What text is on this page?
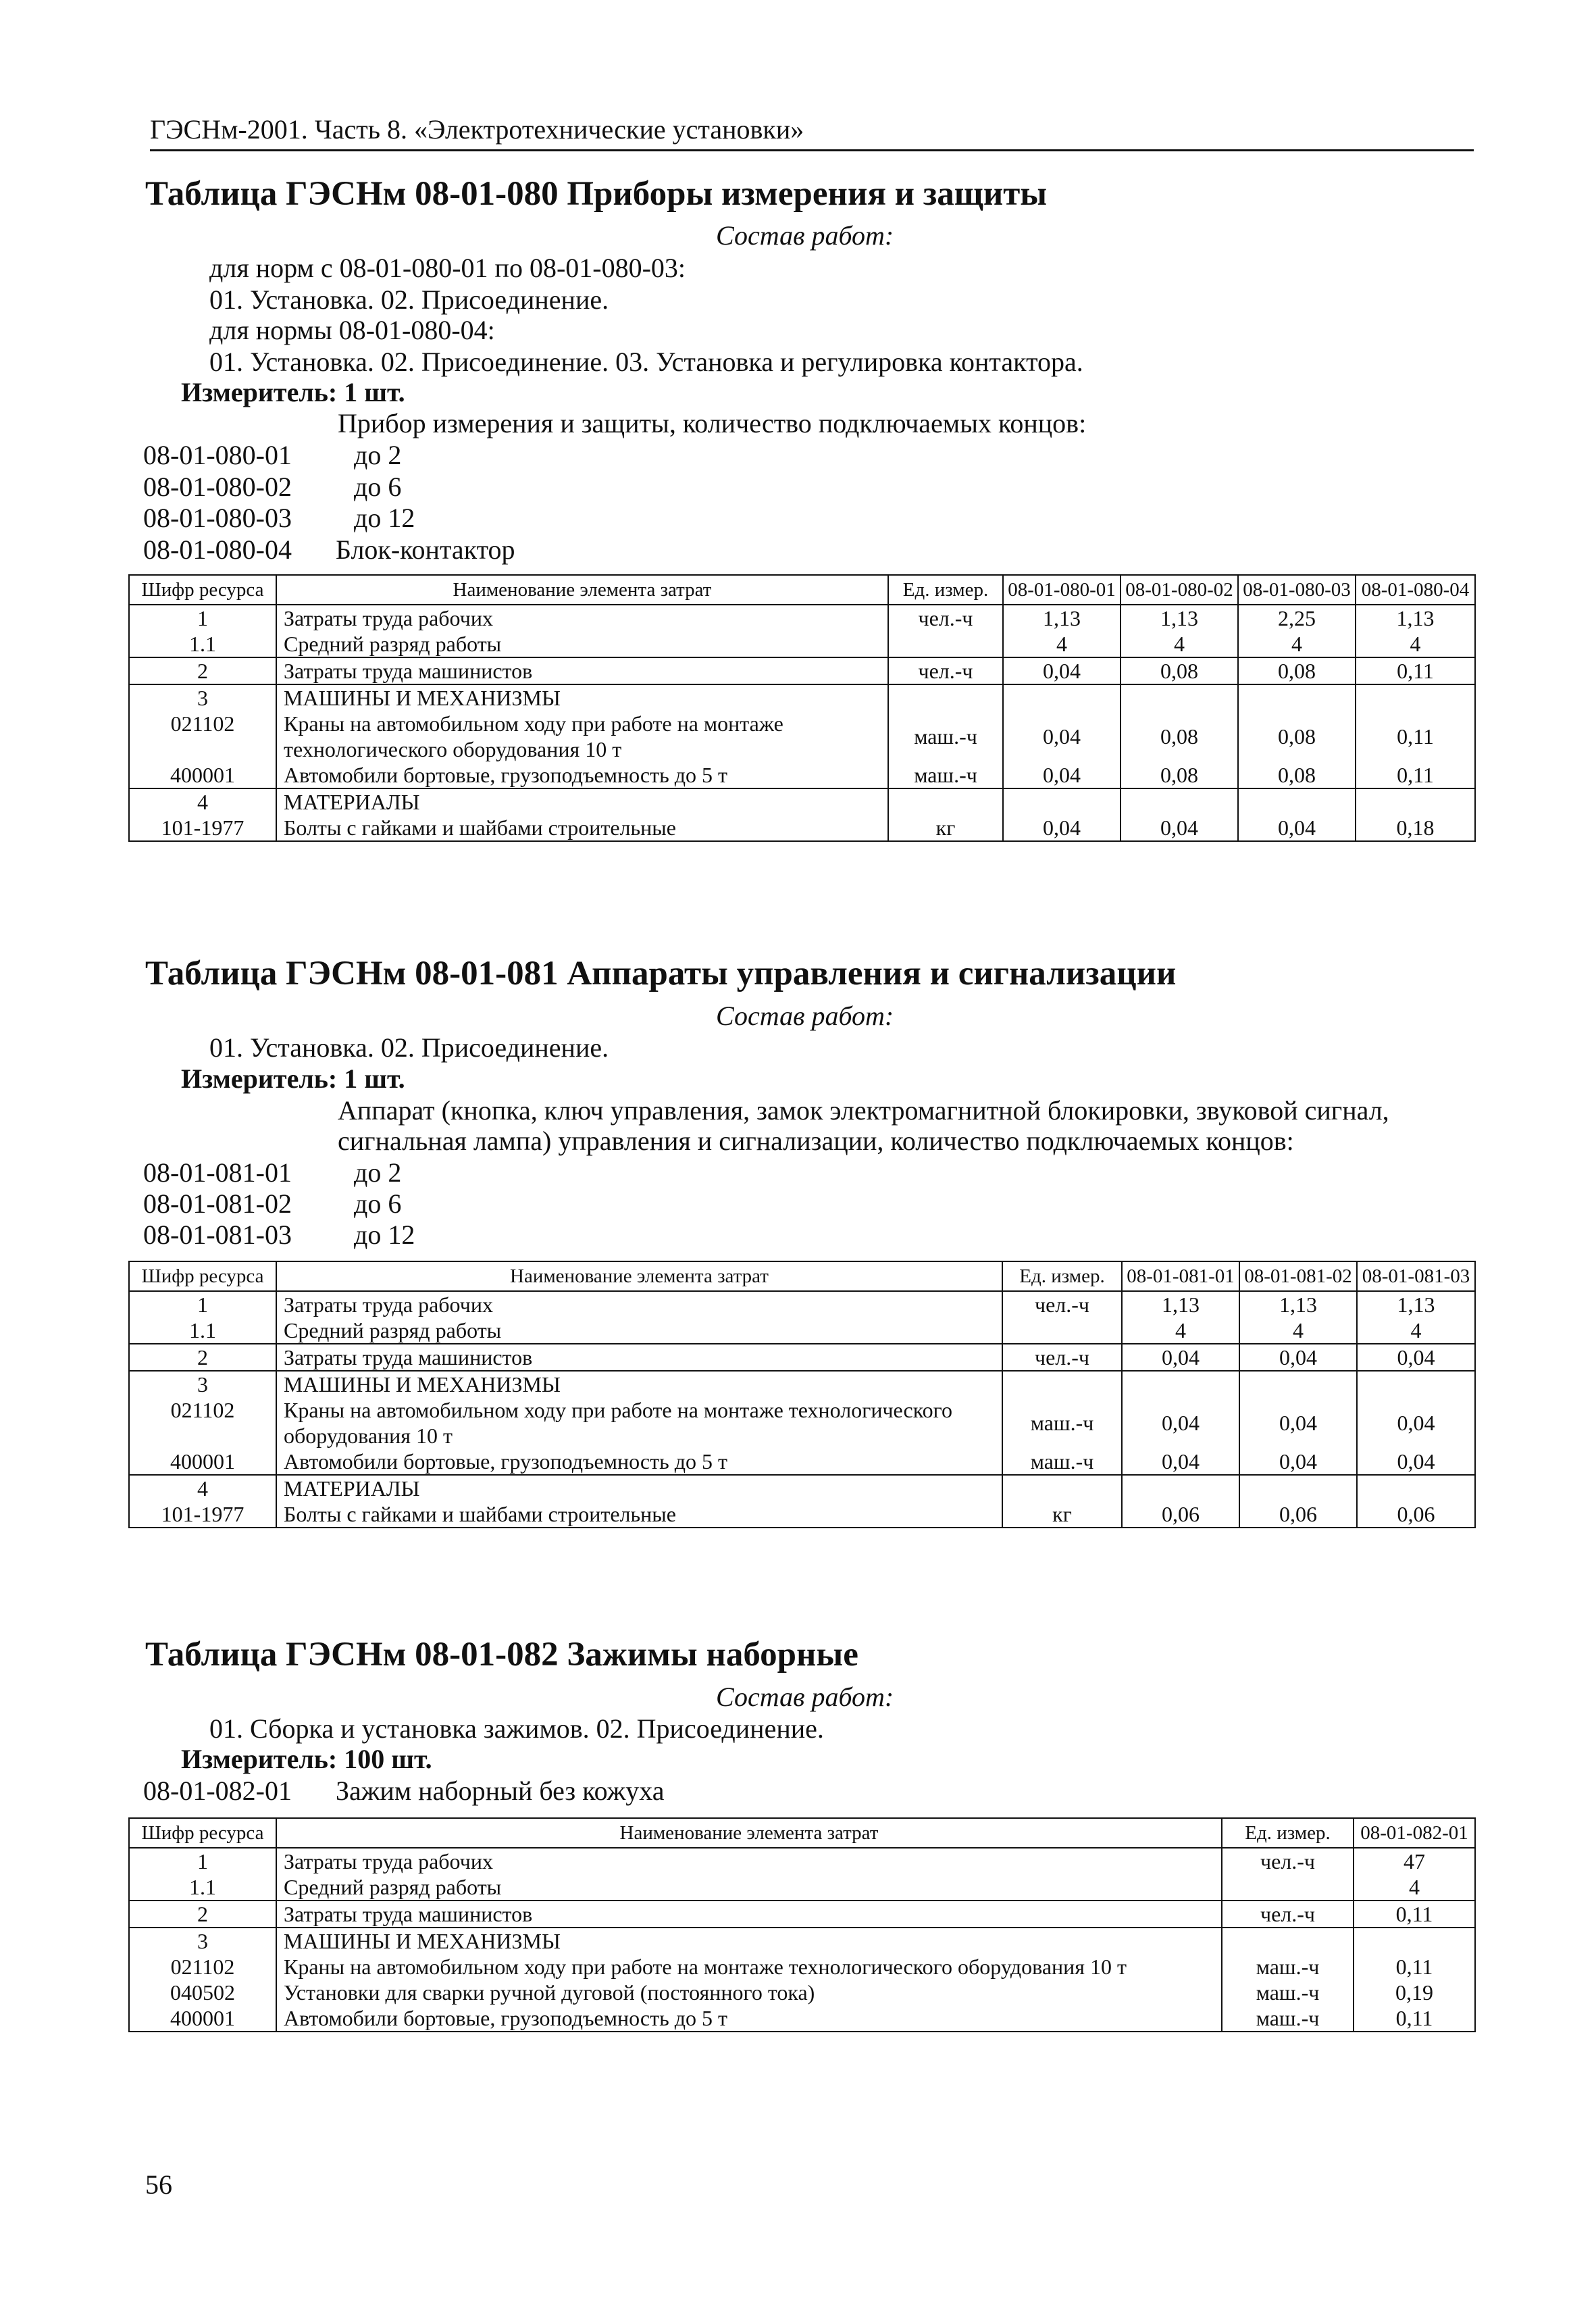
ГЭСНм-2001. Часть 8. «Электротехнические установки»
Таблица ГЭСНм 08-01-080 Приборы измерения и защиты
Состав работ:
для норм с 08-01-080-01 по 08-01-080-03:
01. Установка. 02. Присоединение.
для нормы 08-01-080-04:
01. Установка. 02. Присоединение. 03. Установка и регулировка контактора.
Измеритель: 1 шт.
Прибор измерения и защиты, количество подключаемых концов:
08-01-080-01 до 2
08-01-080-02 до 6
08-01-080-03 до 12
08-01-080-04 Блок-контактор
Шифр ресурса	Наименование элемента затрат	Ед. измер.	08-01-080-01	08-01-080-02	08-01-080-03	08-01-080-04
1	Затраты труда рабочих	чел.-ч	1,13	1,13	2,25	1,13
1.1	Средний разряд работы		4	4	4	4
2	Затраты труда машинистов	чел.-ч	0,04	0,08	0,08	0,11
3	МАШИНЫ И МЕХАНИЗМЫ					
021102	Краны на автомобильном ходу при работе на монтаже технологического оборудования 10 т	маш.-ч	0,04	0,08	0,08	0,11
400001	Автомобили бортовые, грузоподъемность до 5 т	маш.-ч	0,04	0,08	0,08	0,11
4	МАТЕРИАЛЫ					
101-1977	Болты с гайками и шайбами строительные	кг	0,04	0,04	0,04	0,18
Таблица ГЭСНм 08-01-081 Аппараты управления и сигнализации
Состав работ:
01. Установка. 02. Присоединение.
Измеритель: 1 шт.
Аппарат (кнопка, ключ управления, замок электромагнитной блокировки, звуковой сигнал,
сигнальная лампа) управления и сигнализации, количество подключаемых концов:
08-01-081-01 до 2
08-01-081-02 до 6
08-01-081-03 до 12
Шифр ресурса	Наименование элемента затрат	Ед. измер.	08-01-081-01	08-01-081-02	08-01-081-03
1	Затраты труда рабочих	чел.-ч	1,13	1,13	1,13
1.1	Средний разряд работы		4	4	4
2	Затраты труда машинистов	чел.-ч	0,04	0,04	0,04
3	МАШИНЫ И МЕХАНИЗМЫ				
021102	Краны на автомобильном ходу при работе на монтаже технологического оборудования 10 т	маш.-ч	0,04	0,04	0,04
400001	Автомобили бортовые, грузоподъемность до 5 т	маш.-ч	0,04	0,04	0,04
4	МАТЕРИАЛЫ				
101-1977	Болты с гайками и шайбами строительные	кг	0,06	0,06	0,06
Таблица ГЭСНм 08-01-082 Зажимы наборные
Состав работ:
01. Сборка и установка зажимов. 02. Присоединение.
Измеритель: 100 шт.
08-01-082-01 Зажим наборный без кожуха
Шифр ресурса	Наименование элемента затрат	Ед. измер.	08-01-082-01
1	Затраты труда рабочих	чел.-ч	47
1.1	Средний разряд работы		4
2	Затраты труда машинистов	чел.-ч	0,11
3	МАШИНЫ И МЕХАНИЗМЫ		
021102	Краны на автомобильном ходу при работе на монтаже технологического оборудования 10 т	маш.-ч	0,11
040502	Установки для сварки ручной дуговой (постоянного тока)	маш.-ч	0,19
400001	Автомобили бортовые, грузоподъемность до 5 т	маш.-ч	0,11
56
